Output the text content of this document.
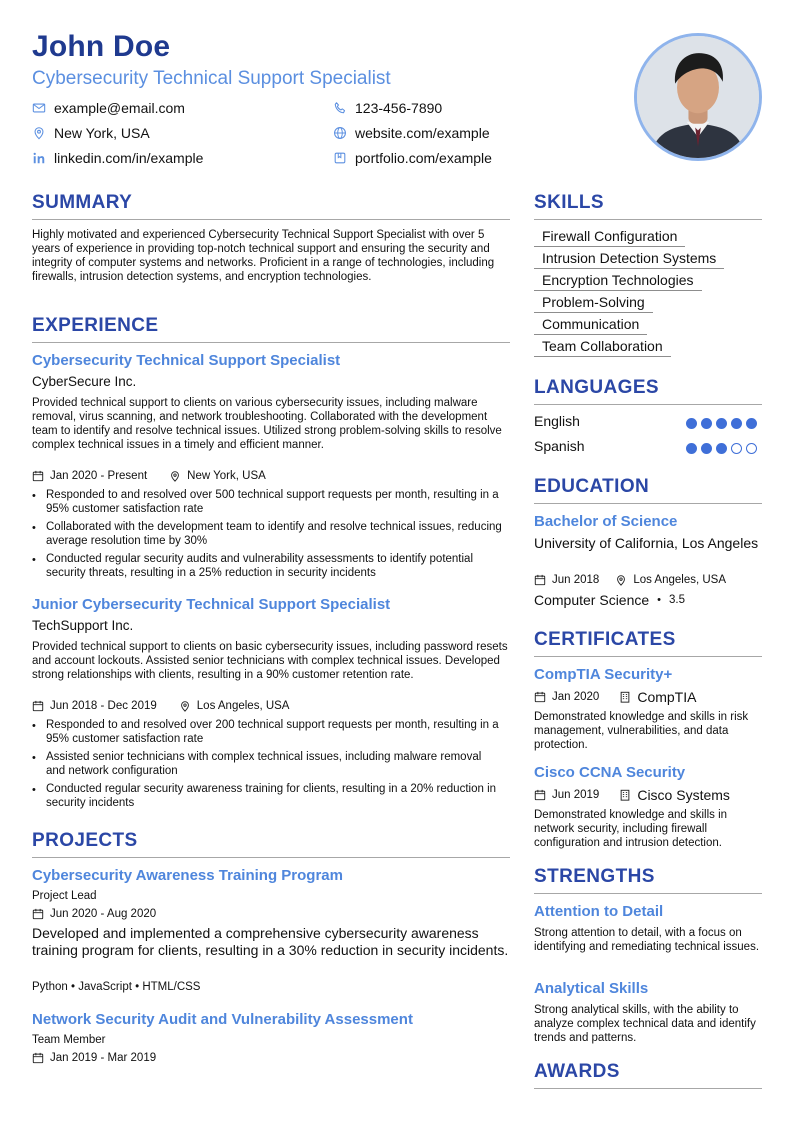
John Doe
Cybersecurity Technical Support Specialist
example@email.com	123-456-7890
New York, USA	website.com/example
linkedin.com/in/example	portfolio.com/example
SUMMARY
Highly motivated and experienced Cybersecurity Technical Support Specialist with over 5 years of experience in providing top-notch technical support and ensuring the security and integrity of computer systems and networks. Proficient in a range of technologies, including firewalls, intrusion detection systems, and encryption technologies.
EXPERIENCE
Cybersecurity Technical Support Specialist
CyberSecure Inc.
Provided technical support to clients on various cybersecurity issues, including malware removal, virus scanning, and network troubleshooting. Collaborated with the development team to identify and resolve technical issues. Utilized strong problem-solving skills to resolve complex technical issues in a timely and efficient manner.
Jan 2020 - Present	New York, USA
• Responded to and resolved over 500 technical support requests per month, resulting in a 95% customer satisfaction rate
• Collaborated with the development team to identify and resolve technical issues, reducing average resolution time by 30%
• Conducted regular security audits and vulnerability assessments to identify potential security threats, resulting in a 25% reduction in security incidents
Junior Cybersecurity Technical Support Specialist
TechSupport Inc.
Provided technical support to clients on basic cybersecurity issues, including password resets and account lockouts. Assisted senior technicians with complex technical issues. Developed strong relationships with clients, resulting in a 90% customer retention rate.
Jun 2018 - Dec 2019	Los Angeles, USA
• Responded to and resolved over 200 technical support requests per month, resulting in a 95% customer satisfaction rate
• Assisted senior technicians with complex technical issues, including malware removal and network configuration
• Conducted regular security awareness training for clients, resulting in a 20% reduction in security incidents
PROJECTS
Cybersecurity Awareness Training Program
Project Lead
Jun 2020 - Aug 2020
Developed and implemented a comprehensive cybersecurity awareness training program for clients, resulting in a 30% reduction in security incidents.
Python • JavaScript • HTML/CSS
Network Security Audit and Vulnerability Assessment
Team Member
Jan 2019 - Mar 2019
SKILLS
Firewall Configuration
Intrusion Detection Systems
Encryption Technologies
Problem-Solving
Communication
Team Collaboration
LANGUAGES
English
Spanish
EDUCATION
Bachelor of Science
University of California, Los Angeles
Jun 2018	Los Angeles, USA
Computer Science • 3.5
CERTIFICATES
CompTIA Security+
Jan 2020	CompTIA
Demonstrated knowledge and skills in risk management, vulnerabilities, and data protection.
Cisco CCNA Security
Jun 2019	Cisco Systems
Demonstrated knowledge and skills in network security, including firewall configuration and intrusion detection.
STRENGTHS
Attention to Detail
Strong attention to detail, with a focus on identifying and remediating technical issues.
Analytical Skills
Strong analytical skills, with the ability to analyze complex technical data and identify trends and patterns.
AWARDS
